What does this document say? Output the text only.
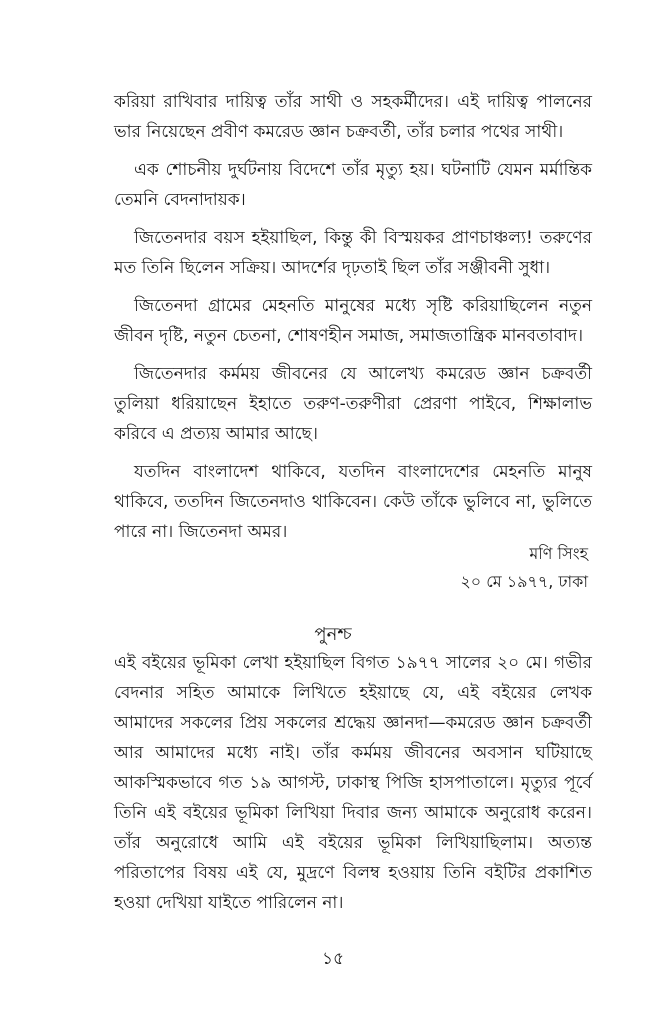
করিয়া রাখিবার দায়িত্ব তাঁর সাথী ও সহকর্মীদের। এই দায়িত্ব পালনের ভার নিয়েছেন প্রবীণ কমরেড জ্ঞান চক্রবর্তী, তাঁর চলার পথের সাথী।

এক শোচনীয় দুর্ঘটনায় বিদেশে তাঁর মৃত্যু হয়। ঘটনাটি যেমন মর্মান্তিক তেমনি বেদনাদায়ক।

জিতেনদার বয়স হইয়াছিল, কিন্তু কী বিস্ময়কর প্রাণচাঞ্চল্য! তরুণের মত তিনি ছিলেন সক্রিয়। আদর্শের দৃঢ়তাই ছিল তাঁর সঞ্জীবনী সুধা।

জিতেনদা গ্রামের মেহনতি মানুষের মধ্যে সৃষ্টি করিয়াছিলেন নতুন জীবন দৃষ্টি, নতুন চেতনা, শোষণহীন সমাজ, সমাজতান্ত্রিক মানবতাবাদ।

জিতেনদার কর্মময় জীবনের যে আলেখ্য কমরেড জ্ঞান চক্রবর্তী তুলিয়া ধরিয়াছেন ইহাতে তরুণ-তরুণীরা প্রেরণা পাইবে, শিক্ষালাভ করিবে এ প্রত্যয় আমার আছে।

যতদিন বাংলাদেশ থাকিবে, যতদিন বাংলাদেশের মেহনতি মানুষ থাকিবে, ততদিন জিতেনদাও থাকিবেন। কেউ তাঁকে ভুলিবে না, ভুলিতে পারে না। জিতেনদা অমর।

মণি সিংহ
২০ মে ১৯৭৭, ঢাকা
পুনশ্চ

এই বইয়ের ভূমিকা লেখা হইয়াছিল বিগত ১৯৭৭ সালের ২০ মে। গভীর বেদনার সহিত আমাকে লিখিতে হইয়াছে যে, এই বইয়ের লেখক আমাদের সকলের প্রিয় সকলের শ্রদ্ধেয় জ্ঞানদা—কমরেড জ্ঞান চক্রবর্তী আর আমাদের মধ্যে নাই। তাঁর কর্মময় জীবনের অবসান ঘটিয়াছে আকস্মিকভাবে গত ১৯ আগস্ট, ঢাকাস্থ পিজি হাসপাতালে। মৃত্যুর পূর্বে তিনি এই বইয়ের ভূমিকা লিখিয়া দিবার জন্য আমাকে অনুরোধ করেন। তাঁর অনুরোধে আমি এই বইয়ের ভূমিকা লিখিয়াছিলাম। অত্যন্ত পরিতাপের বিষয় এই যে, মুদ্রণে বিলম্ব হওয়ায় তিনি বইটির প্রকাশিত হওয়া দেখিয়া যাইতে পারিলেন না।

১৫
